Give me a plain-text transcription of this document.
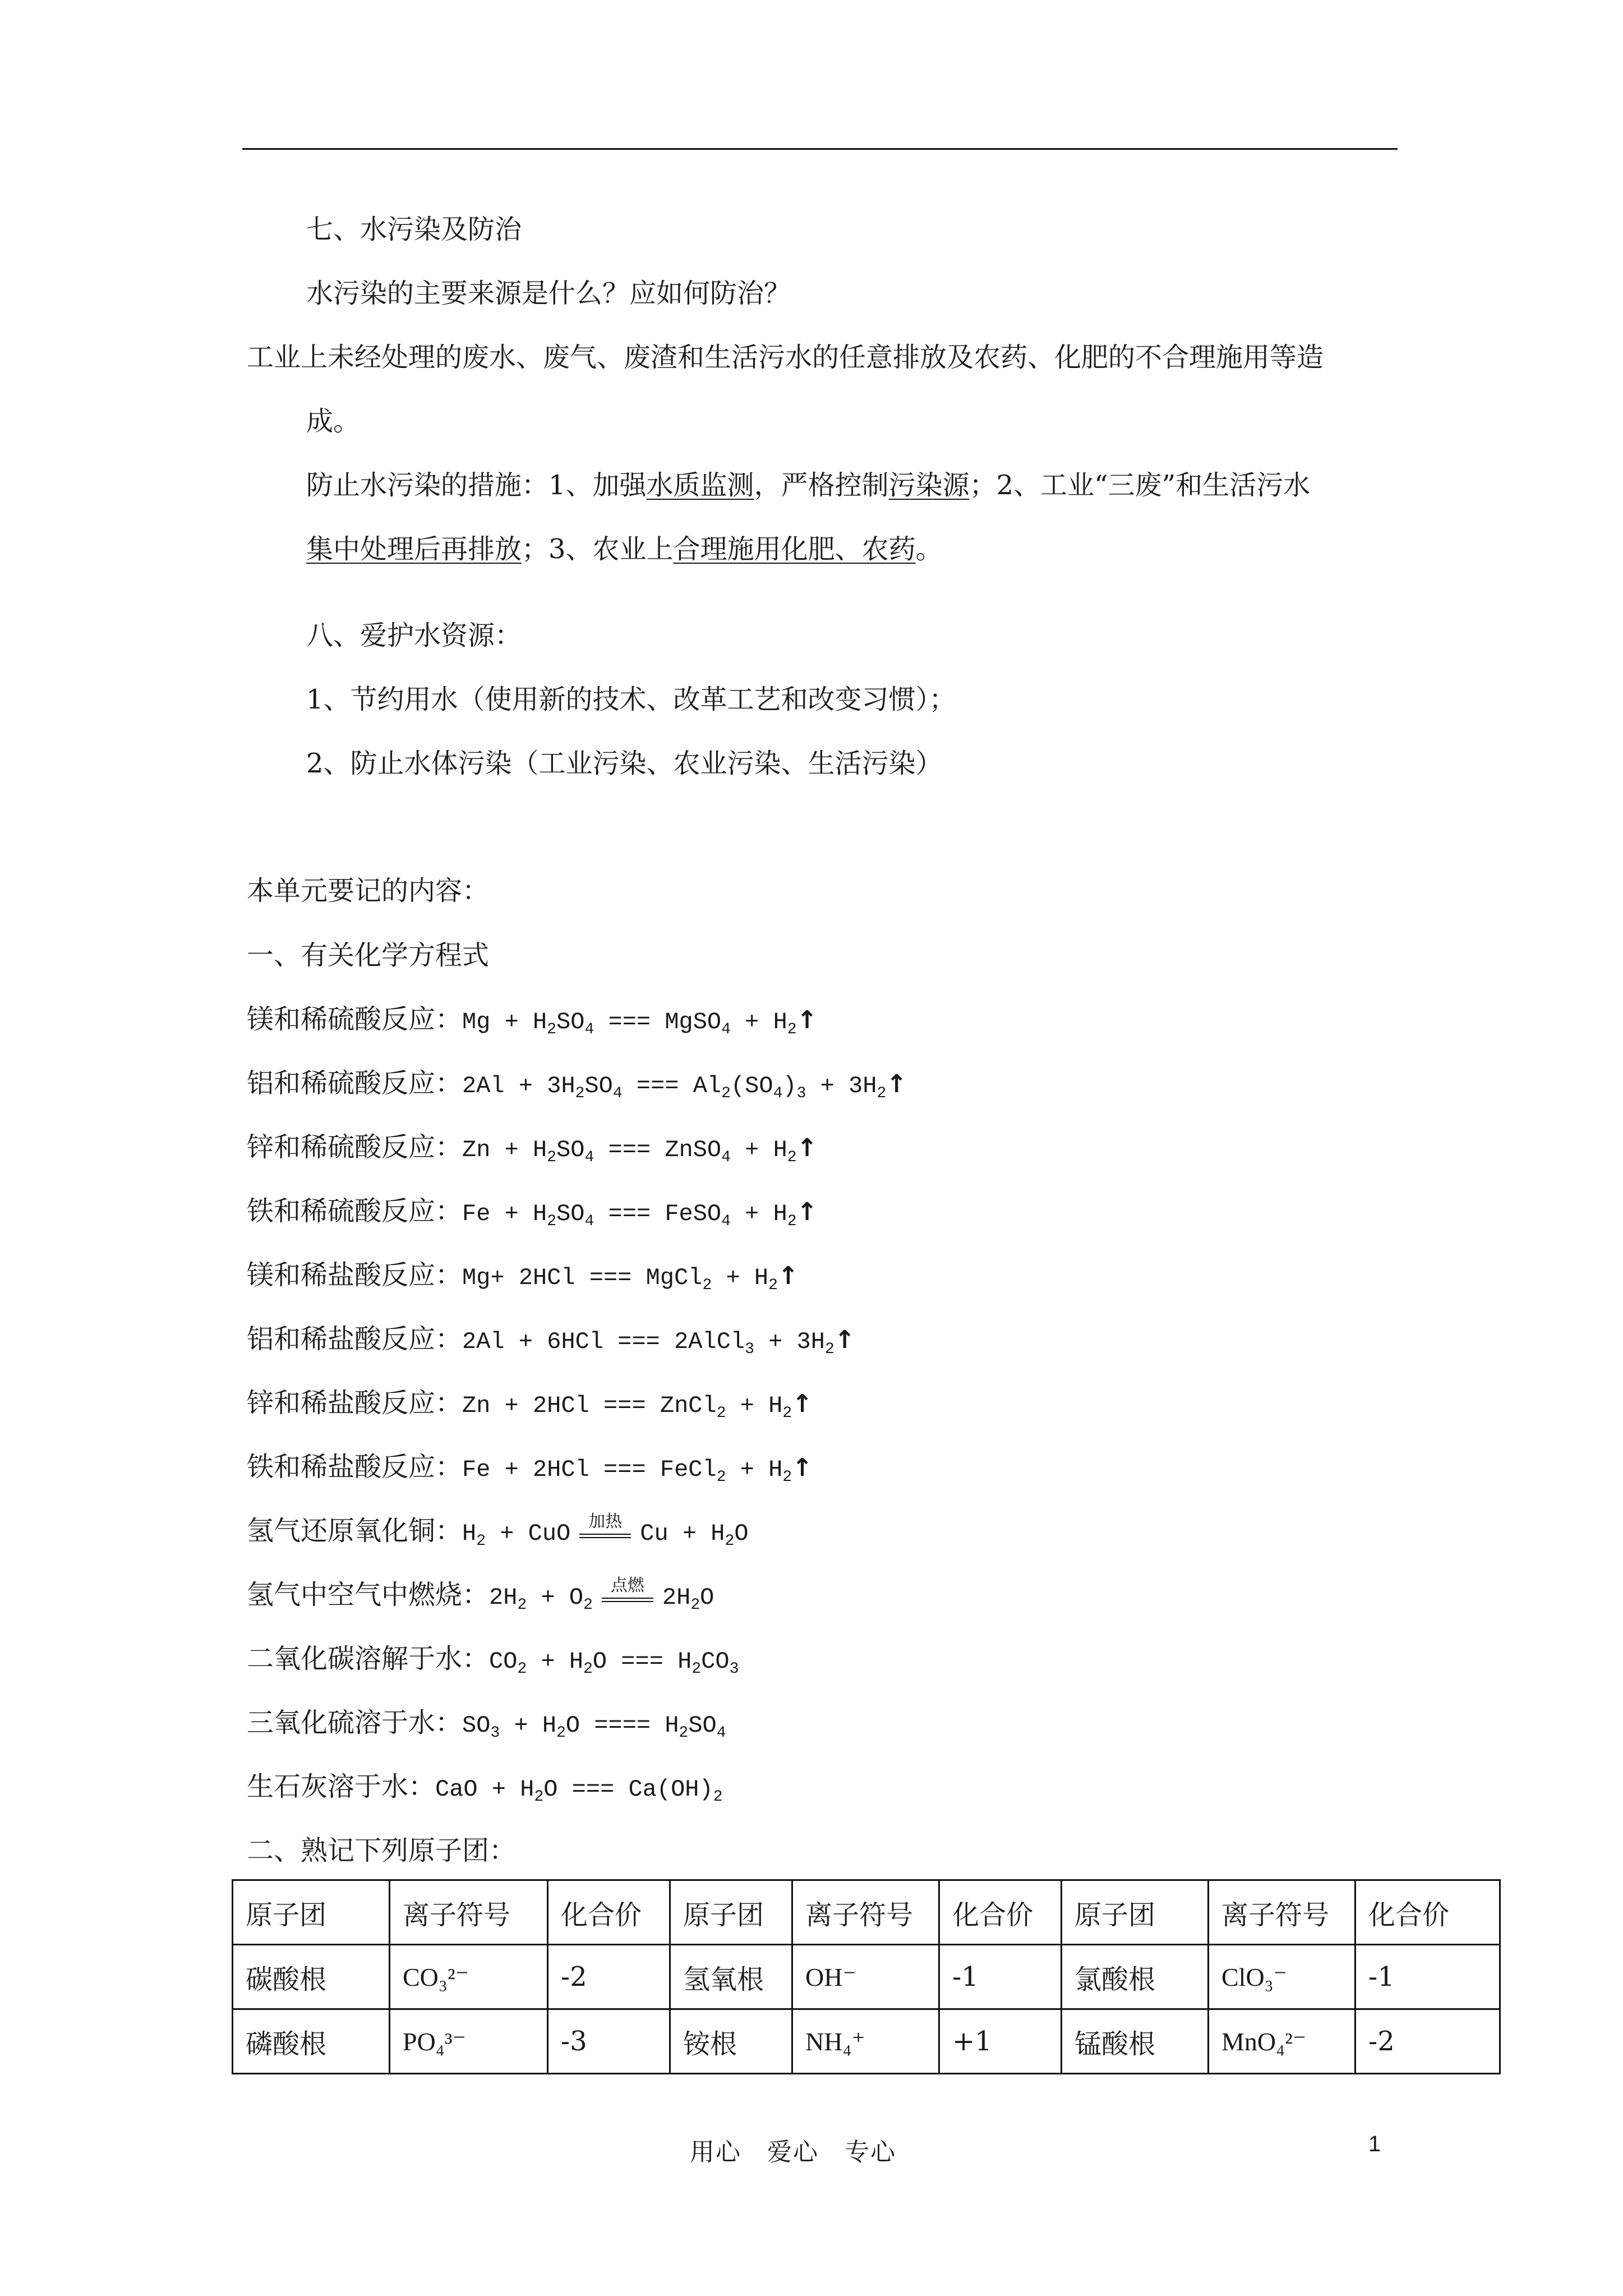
七、水污染及防治
水污染的主要来源是什么？应如何防治？
工业上未经处理的废水、废气、废渣和生活污水的任意排放及农药、化肥的不合理施用等造
成。
防止水污染的措施：1、加强水质监测，严格控制污染源；2、工业“三废”和生活污水
集中处理后再排放；3、农业上合理施用化肥、农药。
八、爱护水资源：
1、节约用水（使用新的技术、改革工艺和改变习惯）；
2、防止水体污染（工业污染、农业污染、生活污染）
本单元要记的内容：
一、有关化学方程式
镁和稀硫酸反应：$Mg + H_2SO_4$ === MgSO$_4$ + $H_2↑$
铝和稀硫酸反应：$2Al + 3H_2SO_4$ === $Al_2(SO_4)_3$ + $3H_2↑$
锌和稀硫酸反应：$Zn + H_2SO_4$ === ZnSO$_4$ + $H_2↑$
铁和稀硫酸反应：$Fe + H_2SO_4$ === FeSO$_4$ + $H_2↑$
镁和稀盐酸反应：Mg+ 2HCl === MgCl$_2$ + $H_2↑$
铝和稀盐酸反应：2Al + 6HCl === 2AlCl$_3$ + $3H_2↑$
锌和稀盐酸反应：Zn + 2HCl === ZnCl$_2$ + $H_2↑$
铁和稀盐酸反应：Fe + 2HCl === FeCl$_2$ + $H_2↑$
氢气还原氧化铜：$H_2$ + CuO	加热 $Cu + H_2O$
氢气中空气中燃烧：$2H_2 + O_2$
点燃 $2H_2O$
二氧化碳溶解于水：$CO_2 + H_2O$ === $H_2CO_3$
三氧化硫溶于水：$SO_3 + H_2O$ ==== $H_2SO_4$
生石灰溶于水：CaO + $H_2O$ === $Ca(OH)_2$
二、熟记下列原子团：
原子团	离子符号	化合价	原子团	离子符号	化合价	原子团	离子符号	化合价
碳酸根	CO₃²⁻	-2	氢氧根	OH⁻	-1	氯酸根	ClO₃⁻	-1
磷酸根	PO₄³⁻	-3	铵根	NH₄⁺	+1	锰酸根	MnO₄²⁻	-2
用心　爱心　专心	1
